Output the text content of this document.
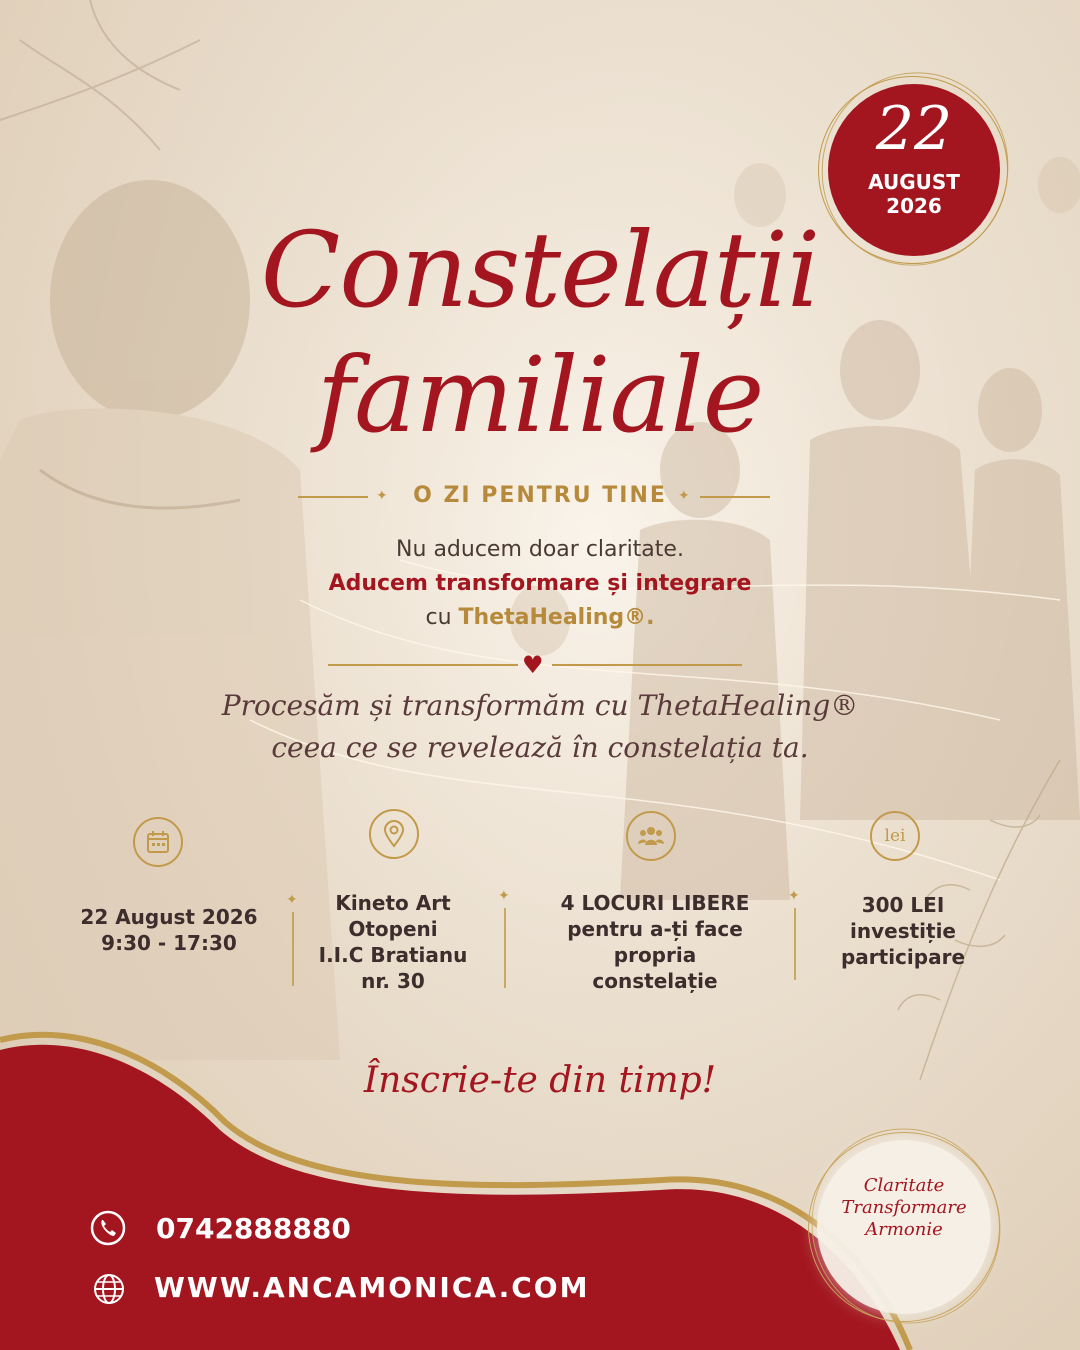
22
AUGUST
2026
Constelații
familiale
✦	O ZI PENTRU TINE ✦
Nu aducem doar claritate.
Aducem transformare și integrare
cu ThetaHealing®.
♥
Procesăm și transformăm cu ThetaHealing®
ceea ce se revelează în constelația ta.
lei
✦	✦	✦
22 August 2026
9:30 - 17:30
Kineto Art
Otopeni
I.I.C Bratianu
nr. 30
4 LOCURI LIBERE
pentru a-ți face
propria
constelație
300 LEI
investiție
participare
Înscrie-te din timp!
0742888880
WWW.ANCAMONICA.COM
Claritate
Transformare
Armonie
